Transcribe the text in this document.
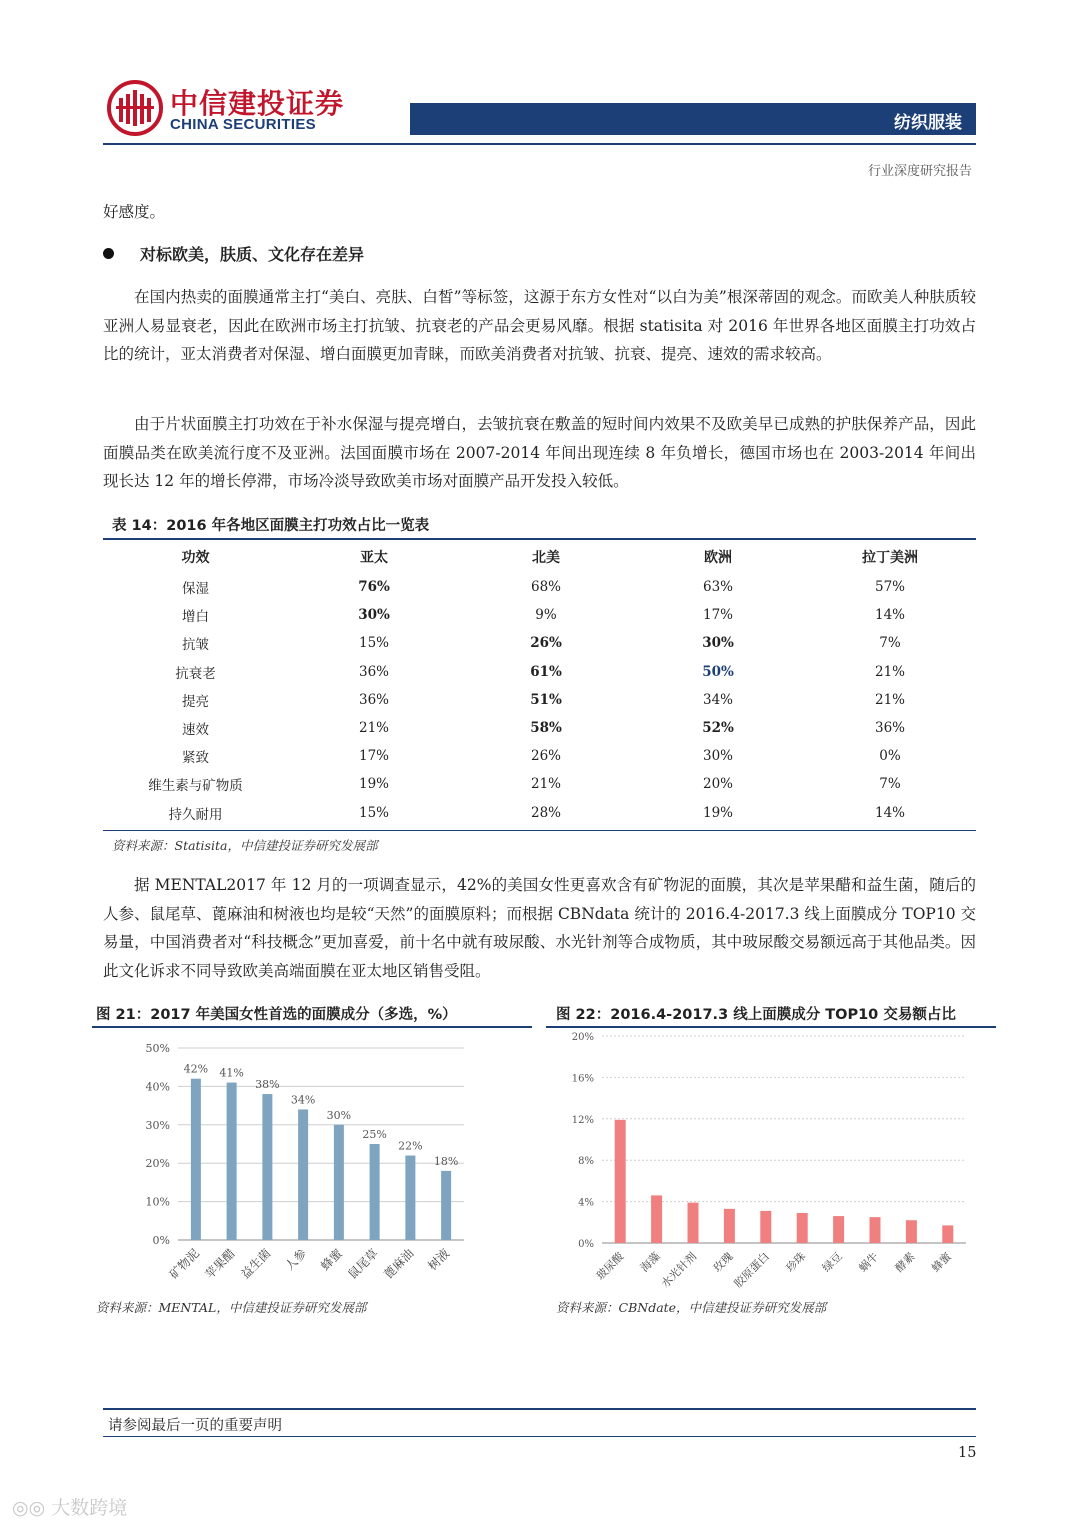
中信建投证券
CHINA SECURITIES	纺织服装
行业深度研究报告
好感度。
对标欧美，肤质、文化存在差异
在国内热卖的面膜通常主打“美白、亮肤、白皙”等标签，这源于东方女性对“以白为美”根深蒂固的观念。而欧美人种肤质较亚洲人易显衰老，因此在欧洲市场主打抗皱、抗衰老的产品会更易风靡。根据 statisita 对 2016 年世界各地区面膜主打功效占比的统计，亚太消费者对保湿、增白面膜更加青睐，而欧美消费者对抗皱、抗衰、提亮、速效的需求较高。
由于片状面膜主打功效在于补水保湿与提亮增白，去皱抗衰在敷盖的短时间内效果不及欧美早已成熟的护肤保养产品，因此面膜品类在欧美流行度不及亚洲。法国面膜市场在 2007-2014 年间出现连续 8 年负增长，德国市场也在 2003-2014 年间出现长达 12 年的增长停滞，市场冷淡导致欧美市场对面膜产品开发投入较低。
表 14：2016 年各地区面膜主打功效占比一览表
功效	亚太	北美	欧洲	拉丁美洲
保湿	76%	68%	63%	57%
增白	30%	9%	17%	14%
抗皱	15%	26%	30%	7%
抗衰老	36%	61%	50%	21%
提亮	36%	51%	34%	21%
速效	21%	58%	52%	36%
紧致	17%	26%	30%	0%
维生素与矿物质	19%	21%	20%	7%
持久耐用	15%	28%	19%	14%
资料来源：Statisita，中信建投证券研究发展部
据 MENTAL2017 年 12 月的一项调查显示，42%的美国女性更喜欢含有矿物泥的面膜，其次是苹果醋和益生菌，随后的人参、鼠尾草、蓖麻油和树液也均是较“天然”的面膜原料；而根据 CBNdata 统计的 2016.4-2017.3 线上面膜成分 TOP10 交易量，中国消费者对“科技概念”更加喜爱，前十名中就有玻尿酸、水光针剂等合成物质，其中玻尿酸交易额远高于其他品类。因此文化诉求不同导致欧美高端面膜在亚太地区销售受阻。
图 21：2017 年美国女性首选的面膜成分（多选，%）
0%
10%
20%
30%
40%
50%
42%
矿物泥
41%
苹果醋
38%
益生菌
34%
人参
30%
蜂蜜
25%
鼠尾草
22%
蓖麻油
18%
树液
资料来源：MENTAL，中信建投证券研究发展部
图 22：2016.4-2017.3 线上面膜成分 TOP10 交易额占比
0%
4%
8%
12%
16%
20%
玻尿酸 海藻
水光针剂 玫瑰
胶原蛋白 珍珠 绿豆 蜗牛 酵素 蜂蜜
资料来源：CBNdate，中信建投证券研究发展部
请参阅最后一页的重要声明
15
◎◎ 大数跨境
